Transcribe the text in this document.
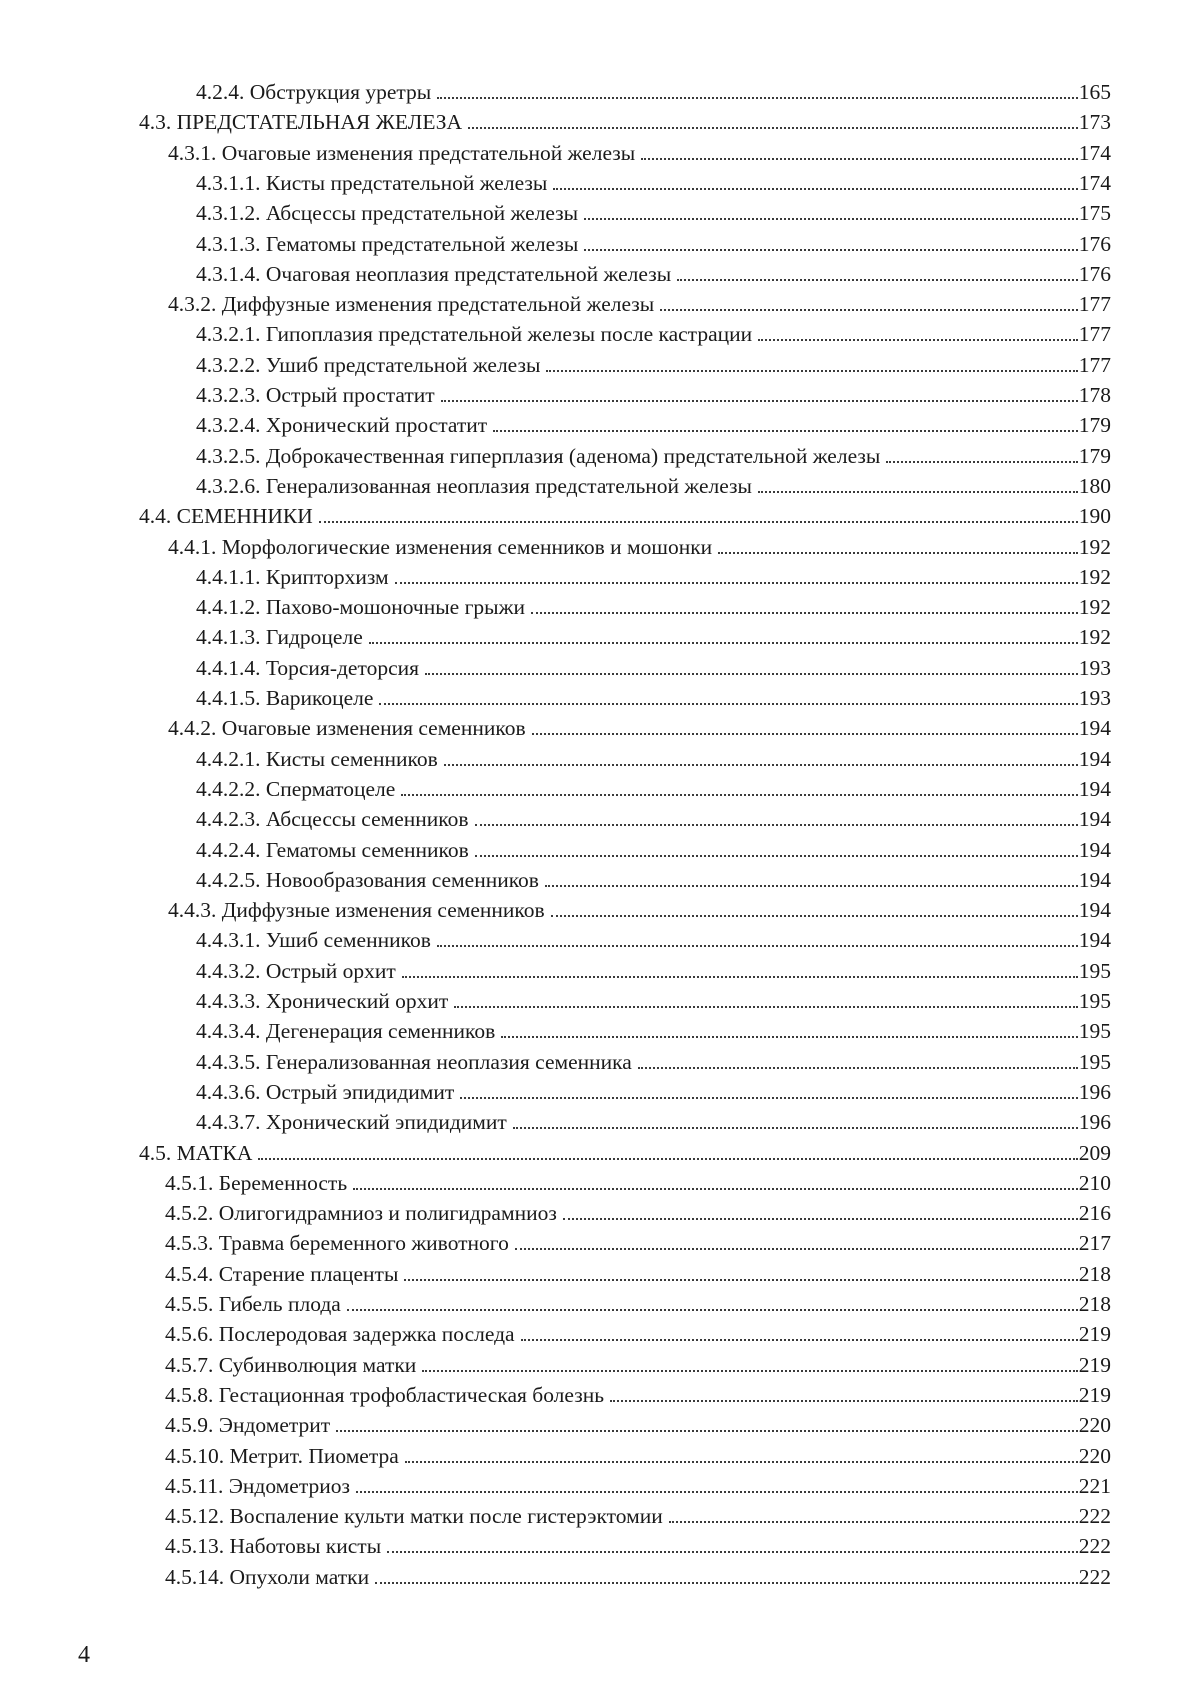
4.2.4. Обструкция уретры	165
4.3. ПРЕДСТАТЕЛЬНАЯ ЖЕЛЕЗА	173
4.3.1. Очаговые изменения предстательной железы	174
4.3.1.1. Кисты предстательной железы	174
4.3.1.2. Абсцессы предстательной железы	175
4.3.1.3. Гематомы предстательной железы	176
4.3.1.4. Очаговая неоплазия предстательной железы	176
4.3.2. Диффузные изменения предстательной железы	177
4.3.2.1. Гипоплазия предстательной железы после кастрации	177
4.3.2.2. Ушиб предстательной железы	177
4.3.2.3. Острый простатит	178
4.3.2.4. Хронический простатит	179
4.3.2.5. Доброкачественная гиперплазия (аденома) предстательной железы	179
4.3.2.6. Генерализованная неоплазия предстательной железы	180
4.4. СЕМЕННИКИ	190
4.4.1. Морфологические изменения семенников и мошонки	192
4.4.1.1. Крипторхизм	192
4.4.1.2. Пахово-мошоночные грыжи	192
4.4.1.3. Гидроцеле	192
4.4.1.4. Торсия-деторсия	193
4.4.1.5. Варикоцеле	193
4.4.2. Очаговые изменения семенников	194
4.4.2.1. Кисты семенников	194
4.4.2.2. Сперматоцеле	194
4.4.2.3. Абсцессы семенников	194
4.4.2.4. Гематомы семенников	194
4.4.2.5. Новообразования семенников	194
4.4.3. Диффузные изменения семенников	194
4.4.3.1. Ушиб семенников	194
4.4.3.2. Острый орхит	195
4.4.3.3. Хронический орхит	195
4.4.3.4. Дегенерация семенников	195
4.4.3.5. Генерализованная неоплазия семенника	195
4.4.3.6. Острый эпидидимит	196
4.4.3.7. Хронический эпидидимит	196
4.5. МАТКА	209
4.5.1. Беременность	210
4.5.2. Олигогидрамниоз и полигидрамниоз	216
4.5.3. Травма беременного животного	217
4.5.4. Старение плаценты	218
4.5.5. Гибель плода	218
4.5.6. Послеродовая задержка последа	219
4.5.7. Субинволюция матки	219
4.5.8. Гестационная трофобластическая болезнь	219
4.5.9. Эндометрит	220
4.5.10. Метрит. Пиометра	220
4.5.11. Эндометриоз	221
4.5.12. Воспаление культи матки после гистерэктомии	222
4.5.13. Наботовы кисты	222
4.5.14. Опухоли матки	222
4
